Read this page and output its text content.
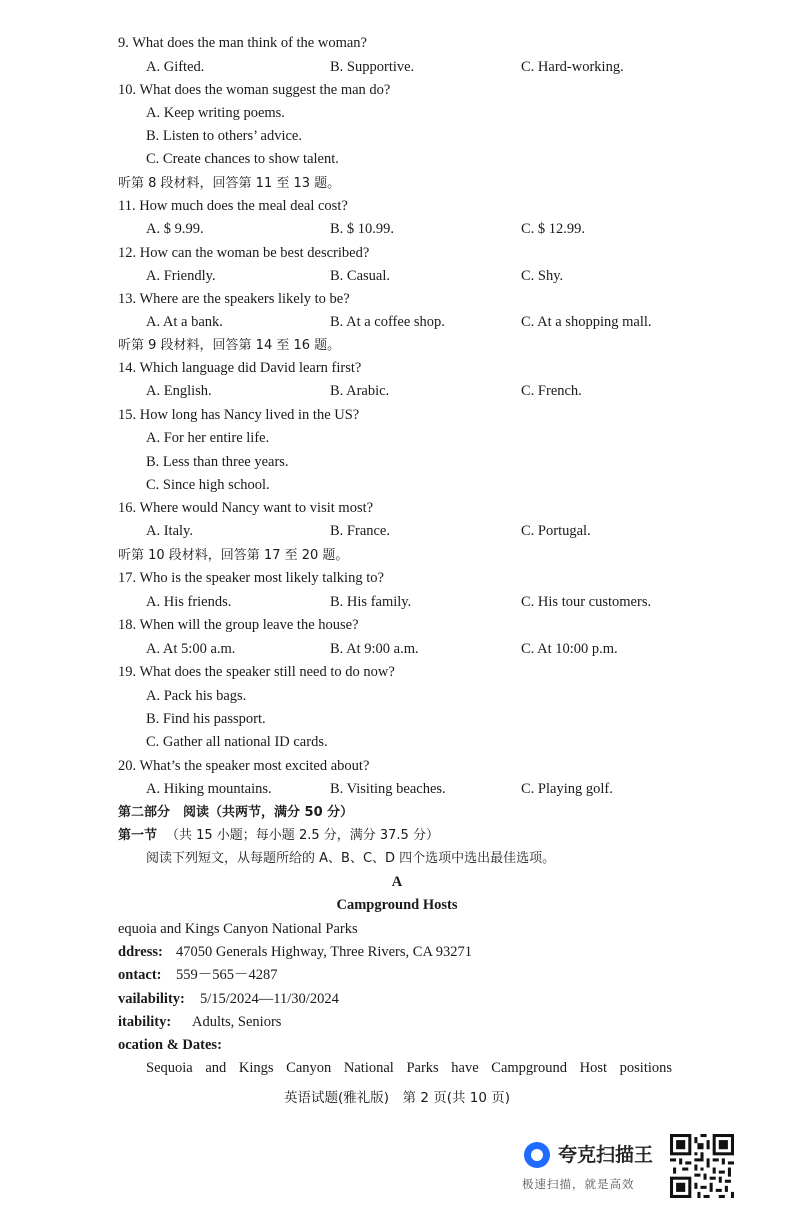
9. What does the man think of the woman?
A. Gifted.	B. Supportive.	C. Hard-working.
10. What does the woman suggest the man do?
A. Keep writing poems.
B. Listen to others’ advice.
C. Create chances to show talent.
听第 8 段材料，回答第 11 至 13 题。
11. How much does the meal deal cost?
A. $ 9.99.	B. $ 10.99.	C. $ 12.99.
12. How can the woman be best described?
A. Friendly.	B. Casual.	C. Shy.
13. Where are the speakers likely to be?
A. At a bank.	B. At a coffee shop.	C. At a shopping mall.
听第 9 段材料，回答第 14 至 16 题。
14. Which language did David learn first?
A. English.	B. Arabic.	C. French.
15. How long has Nancy lived in the US?
A. For her entire life.
B. Less than three years.
C. Since high school.
16. Where would Nancy want to visit most?
A. Italy.	B. France.	C. Portugal.
听第 10 段材料，回答第 17 至 20 题。
17. Who is the speaker most likely talking to?
A. His friends.	B. His family.	C. His tour customers.
18. When will the group leave the house?
A. At 5:00 a.m.	B. At 9:00 a.m.	C. At 10:00 p.m.
19. What does the speaker still need to do now?
A. Pack his bags.
B. Find his passport.
C. Gather all national ID cards.
20. What’s the speaker most excited about?
A. Hiking mountains.	B. Visiting beaches.	C. Playing golf.
第二部分　阅读（共两节，满分 50 分）
第一节 （共 15 小题；每小题 2.5 分，满分 37.5 分）
阅读下列短文，从每题所给的 A、B、C、D 四个选项中选出最佳选项。
A
Campground Hosts
equoia and Kings Canyon National Parks
ddress: 47050 Generals Highway, Three Rivers, CA 93271
ontact: 559－565－4287
vailability: 5/15/2024—11/30/2024
itability: Adults, Seniors
ocation & Dates:
Sequoia and Kings Canyon National Parks have Campground Host positions
英语试题(雅礼版)　第 2 页(共 10 页)
夸克扫描王
极速扫描，就是高效
